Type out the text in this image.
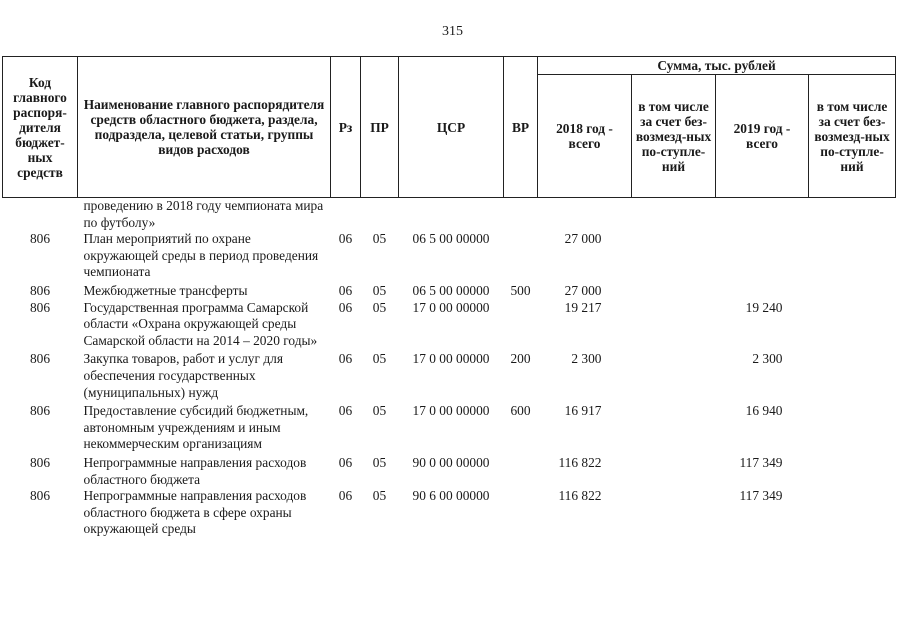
315
Код главного распоря-дителя бюджет-ных средств	Наименование главного распорядителя средств областного бюджета, раздела, подраздела, целевой статьи, группы видов расходов	Рз	ПР	ЦСР	ВР	Сумма, тыс. рублей			
						2018 год - всего	в том числе за счет без-возмезд-ных по-ступле-ний	2019 год - всего	в том числе за счет без-возмезд-ных по-ступле-ний
	проведению в 2018 году чемпионата мира по футболу»								
806	План мероприятий по охране окружающей среды в период проведения чемпионата	06	05	06 5 00 00000		27 000			
806	Межбюджетные трансферты	06	05	06 5 00 00000	500	27 000			
806	Государственная программа Самарской области «Охрана окружающей среды Самарской области на 2014 – 2020 годы»	06	05	17 0 00 00000		19 217		19 240	
806	Закупка товаров, работ и услуг для обеспечения государственных (муниципальных) нужд	06	05	17 0 00 00000	200	2 300		2 300	
806	Предоставление субсидий бюджетным, автономным учреждениям и иным некоммерческим организациям	06	05	17 0 00 00000	600	16 917		16 940	
806	Непрограммные направления расходов областного бюджета	06	05	90 0 00 00000		116 822		117 349	
806	Непрограммные направления расходов областного бюджета в сфере охраны окружающей среды	06	05	90 6 00 00000		116 822		117 349	
